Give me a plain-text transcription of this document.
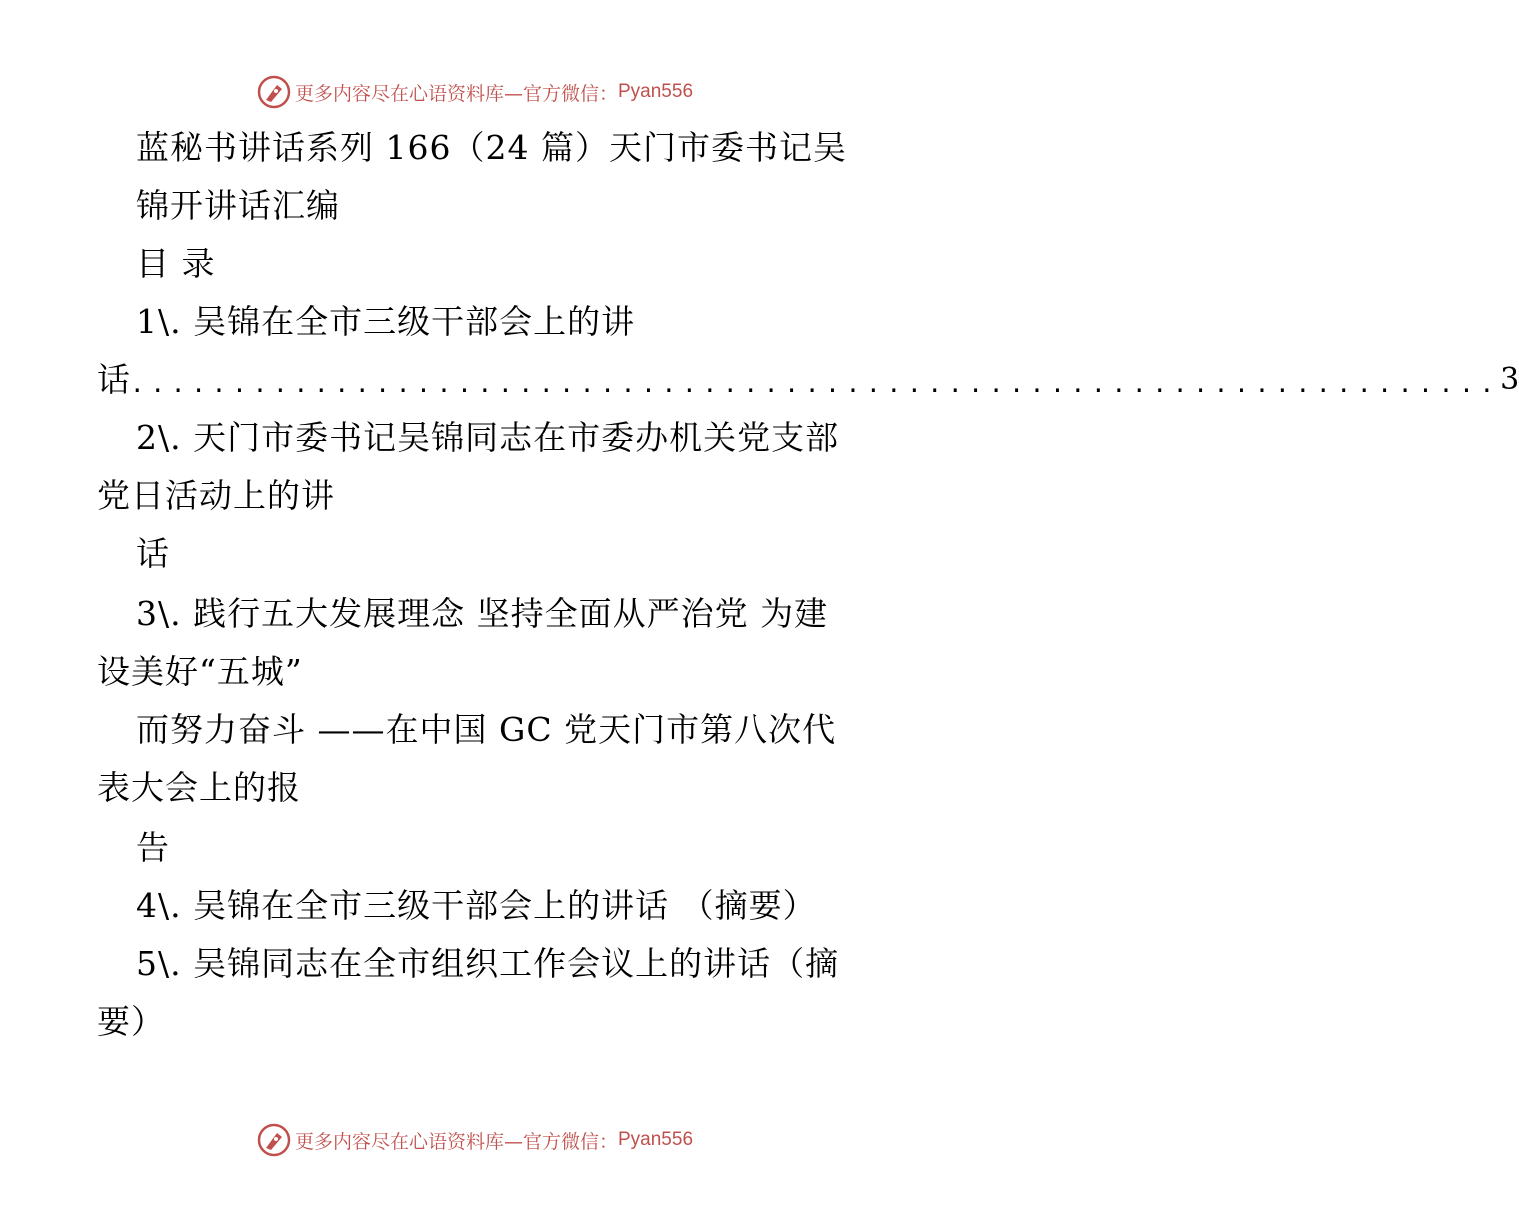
更多内容尽在心语资料库—官方微信： Pyan556
蓝秘书讲话系列 166（24 篇）天门市委书记吴
锦开讲话汇编
目 录
1\. 吴锦在全市三级干部会上的讲
话 ................................................................... 3
2\. 天门市委书记吴锦同志在市委办机关党支部
党日活动上的讲
话
3\. 践行五大发展理念 坚持全面从严治党 为建
设美好“五城”
而努力奋斗 ——在中国 GC 党天门市第八次代
表大会上的报
告
4\. 吴锦在全市三级干部会上的讲话 （摘要）
5\. 吴锦同志在全市组织工作会议上的讲话（摘
要）
更多内容尽在心语资料库—官方微信： Pyan556
